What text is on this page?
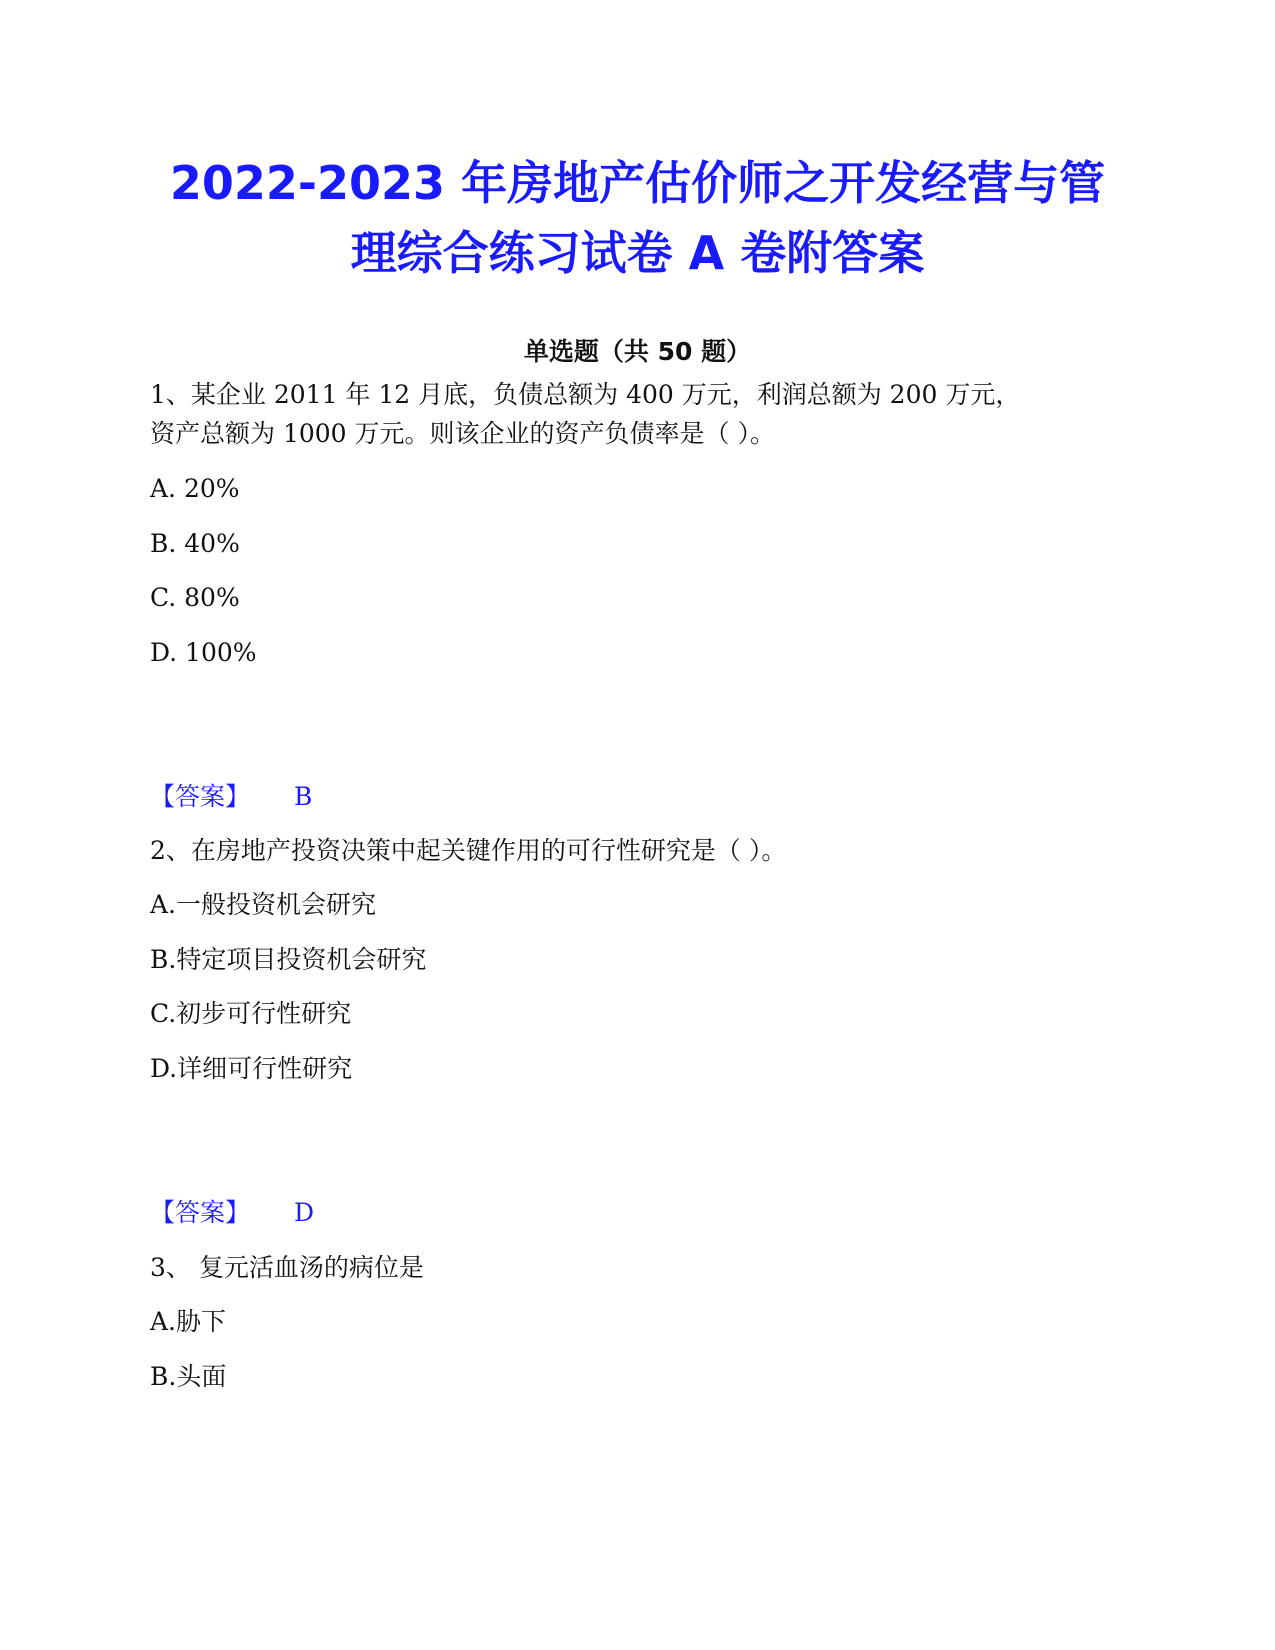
2022-2023 年房地产估价师之开发经营与管
理综合练习试卷 A 卷附答案
单选题（共 50 题）
1、某企业 2011 年 12 月底，负债总额为 400 万元，利润总额为 200 万元，
资产总额为 1000 万元。则该企业的资产负债率是（ ）。
A. 20%
B. 40%
C. 80%
D. 100%
【答案】 B
2、在房地产投资决策中起关键作用的可行性研究是（ ）。
A.一般投资机会研究
B.特定项目投资机会研究
C.初步可行性研究
D.详细可行性研究
【答案】 D
3、 复元活血汤的病位是
A.胁下
B.头面
